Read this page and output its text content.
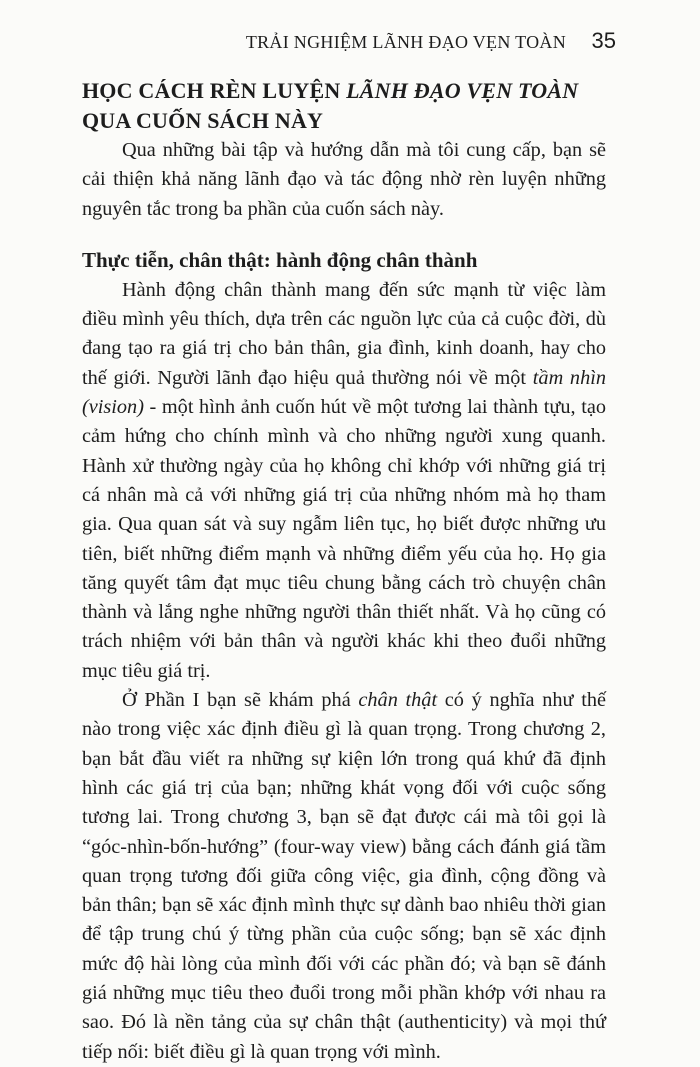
TRẢI NGHIỆM LÃNH ĐẠO VẸN TOÀN 35
HỌC CÁCH RÈN LUYỆN LÃNH ĐẠO VẸN TOÀN QUA CUỐN SÁCH NÀY

Qua những bài tập và hướng dẫn mà tôi cung cấp, bạn sẽ cải thiện khả năng lãnh đạo và tác động nhờ rèn luyện những nguyên tắc trong ba phần của cuốn sách này.

Thực tiễn, chân thật: hành động chân thành

Hành động chân thành mang đến sức mạnh từ việc làm điều mình yêu thích, dựa trên các nguồn lực của cả cuộc đời, dù đang tạo ra giá trị cho bản thân, gia đình, kinh doanh, hay cho thế giới. Người lãnh đạo hiệu quả thường nói về một tầm nhìn (vision) - một hình ảnh cuốn hút về một tương lai thành tựu, tạo cảm hứng cho chính mình và cho những người xung quanh. Hành xử thường ngày của họ không chỉ khớp với những giá trị cá nhân mà cả với những giá trị của những nhóm mà họ tham gia. Qua quan sát và suy ngẫm liên tục, họ biết được những ưu tiên, biết những điểm mạnh và những điểm yếu của họ. Họ gia tăng quyết tâm đạt mục tiêu chung bằng cách trò chuyện chân thành và lắng nghe những người thân thiết nhất. Và họ cũng có trách nhiệm với bản thân và người khác khi theo đuổi những mục tiêu giá trị.

Ở Phần I bạn sẽ khám phá chân thật có ý nghĩa như thế nào trong việc xác định điều gì là quan trọng. Trong chương 2, bạn bắt đầu viết ra những sự kiện lớn trong quá khứ đã định hình các giá trị của bạn; những khát vọng đối với cuộc sống tương lai. Trong chương 3, bạn sẽ đạt được cái mà tôi gọi là “góc-nhìn-bốn-hướng” (four-way view) bằng cách đánh giá tầm quan trọng tương đối giữa công việc, gia đình, cộng đồng và bản thân; bạn sẽ xác định mình thực sự dành bao nhiêu thời gian để tập trung chú ý từng phần của cuộc sống; bạn sẽ xác định mức độ hài lòng của mình đối với các phần đó; và bạn sẽ đánh giá những mục tiêu theo đuổi trong mỗi phần khớp với nhau ra sao. Đó là nền tảng của sự chân thật (authenticity) và mọi thứ tiếp nối: biết điều gì là quan trọng với mình.
